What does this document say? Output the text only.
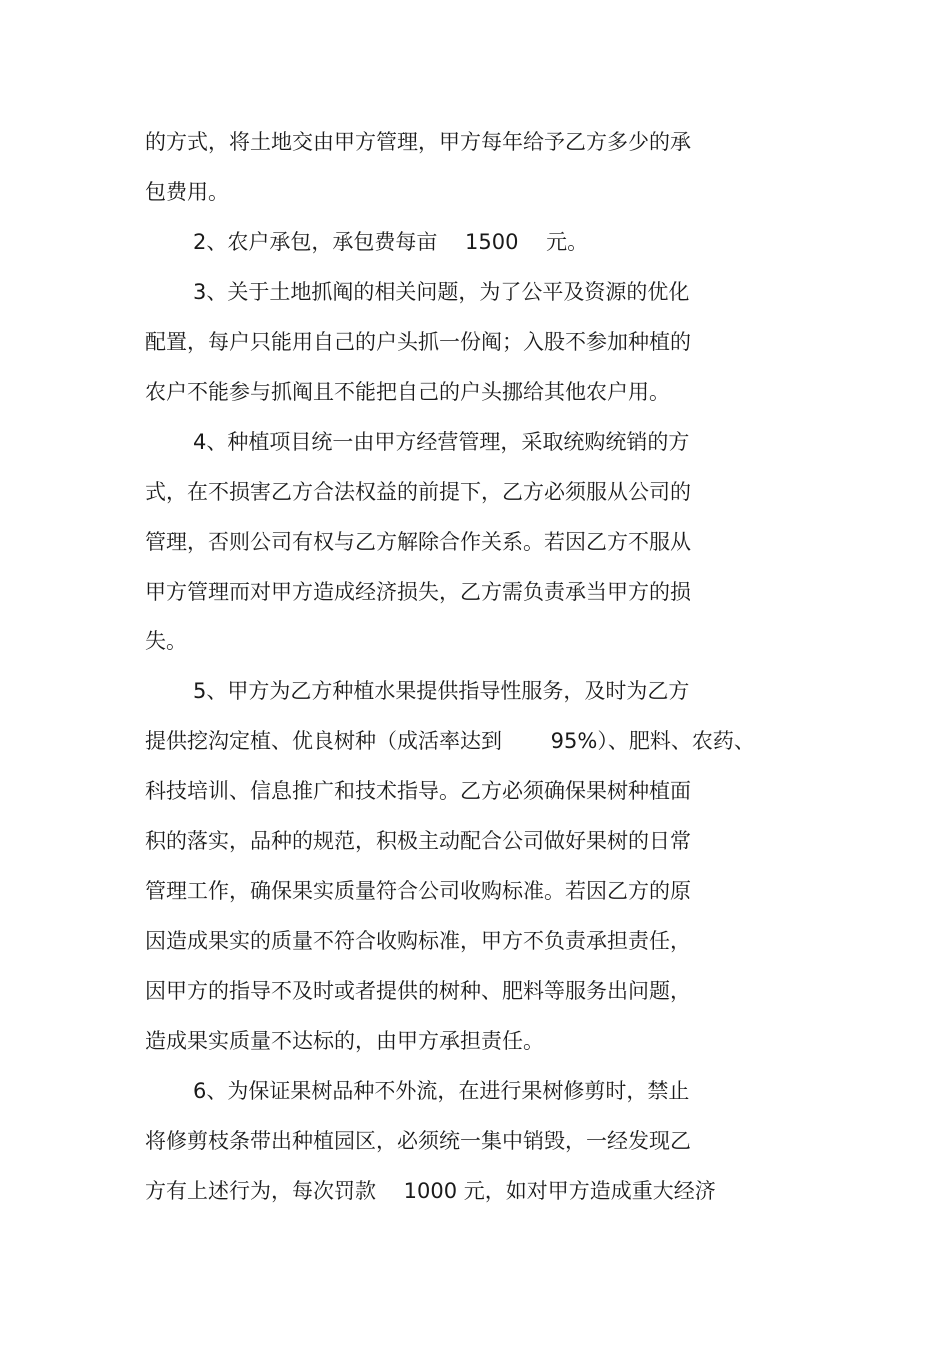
的方式，将土地交由甲方管理，甲方每年给予乙方多少的承
包费用。
2、农户承包，承包费每亩　 1500 　元。
3、关于土地抓阄的相关问题，为了公平及资源的优化
配置，每户只能用自己的户头抓一份阄；入股不参加种植的
农户不能参与抓阄且不能把自己的户头挪给其他农户用。
4、种植项目统一由甲方经营管理，采取统购统销的方
式，在不损害乙方合法权益的前提下，乙方必须服从公司的
管理，否则公司有权与乙方解除合作关系。若因乙方不服从
甲方管理而对甲方造成经济损失，乙方需负责承当甲方的损
失。
5、甲方为乙方种植水果提供指导性服务，及时为乙方
提供挖沟定植、优良树种（成活率达到　　 95%）、肥料、农药、
科技培训、信息推广和技术指导。乙方必须确保果树种植面
积的落实，品种的规范，积极主动配合公司做好果树的日常
管理工作，确保果实质量符合公司收购标准。若因乙方的原
因造成果实的质量不符合收购标准，甲方不负责承担责任，
因甲方的指导不及时或者提供的树种、肥料等服务出问题，
造成果实质量不达标的，由甲方承担责任。
6、为保证果树品种不外流，在进行果树修剪时，禁止
将修剪枝条带出种植园区，必须统一集中销毁，一经发现乙
方有上述行为，每次罚款　 1000 元，如对甲方造成重大经济
